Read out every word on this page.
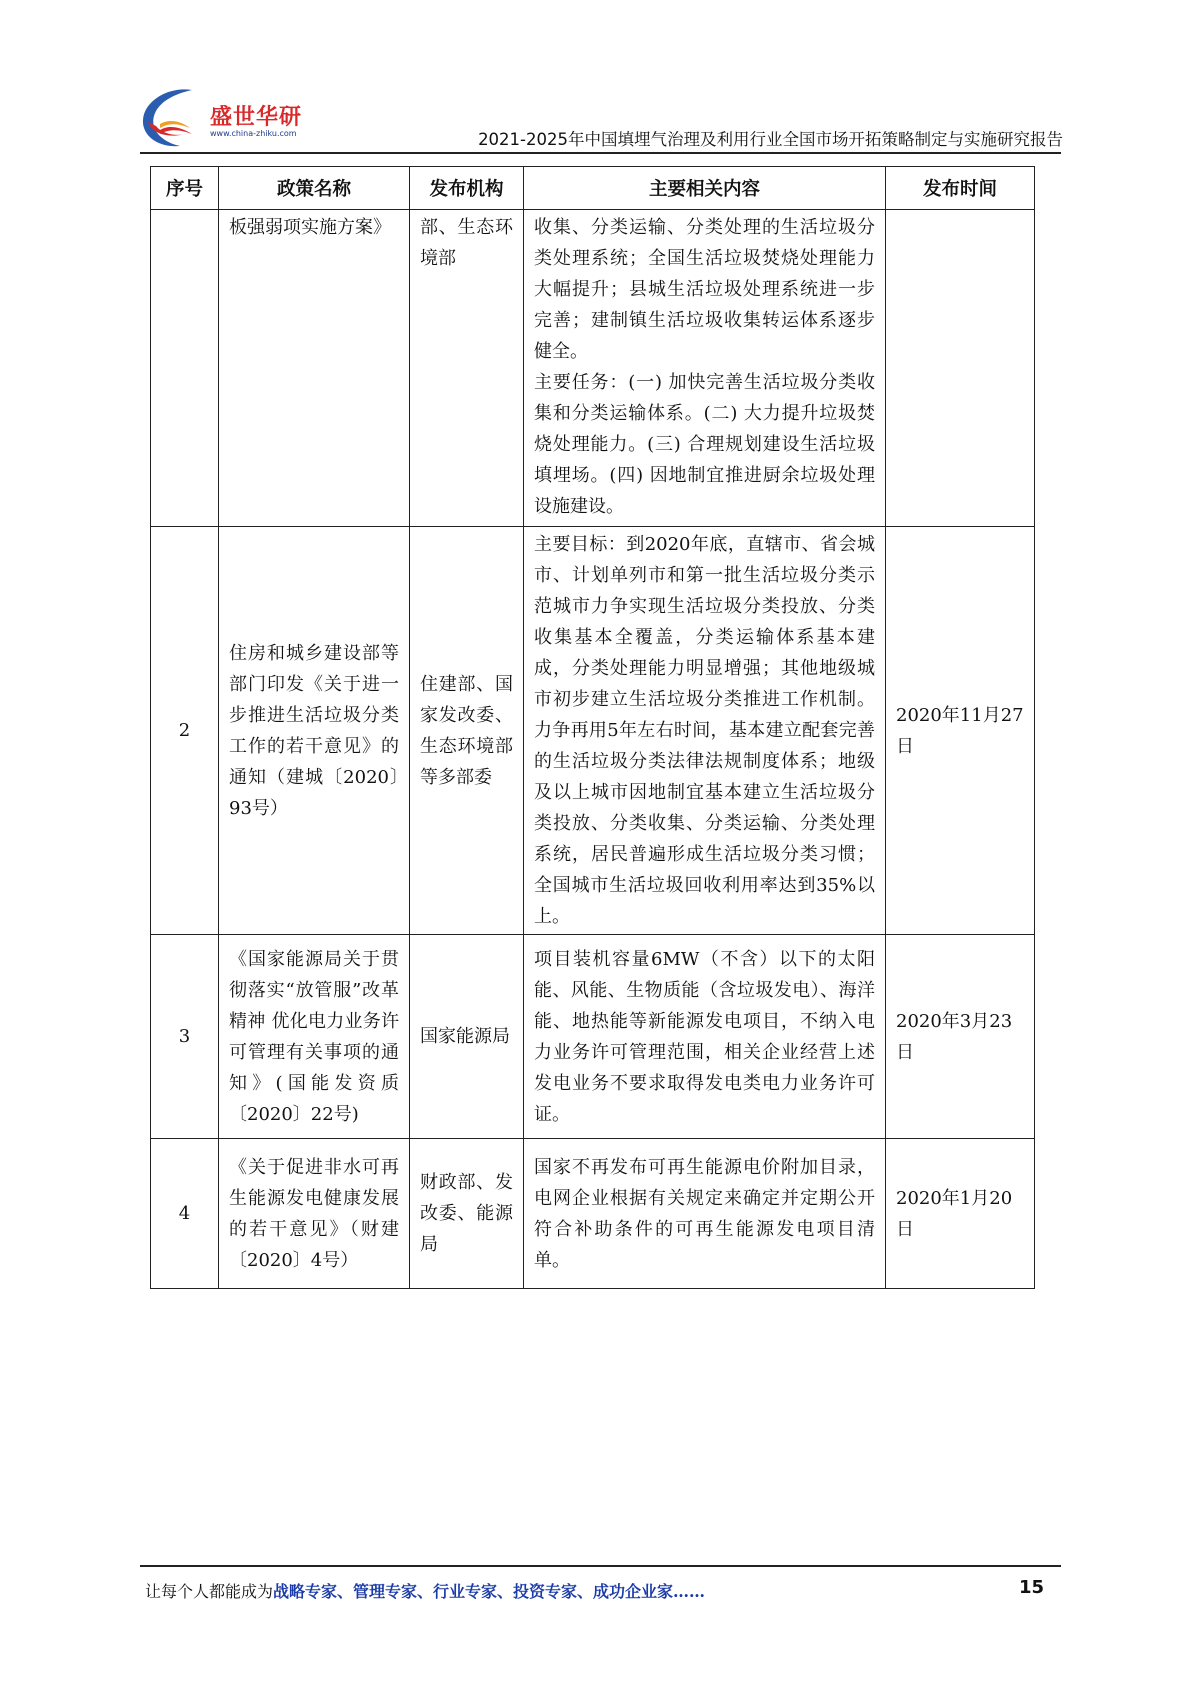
盛世华研
www.china-zhiku.com	2021-2025年中国填埋气治理及利用行业全国市场开拓策略制定与实施研究报告
序号	政策名称	发布机构	主要相关内容	发布时间
	板强弱项实施方案》	部、生态环境部	收集、分类运输、分类处理的生活垃圾分类处理系统；全国生活垃圾焚烧处理能力大幅提升；县城生活垃圾处理系统进一步完善；建制镇生活垃圾收集转运体系逐步健全。
主要任务：(一) 加快完善生活垃圾分类收集和分类运输体系。(二) 大力提升垃圾焚烧处理能力。(三) 合理规划建设生活垃圾填埋场。(四) 因地制宜推进厨余垃圾处理设施建设。	

2	住房和城乡建设部等部门印发《关于进一步推进生活垃圾分类工作的若干意见》的通知（建城〔2020〕93号）	住建部、国家发改委、生态环境部等多部委	主要目标：到2020年底，直辖市、省会城市、计划单列市和第一批生活垃圾分类示范城市力争实现生活垃圾分类投放、分类收集基本全覆盖，分类运输体系基本建成，分类处理能力明显增强；其他地级城市初步建立生活垃圾分类推进工作机制。力争再用5年左右时间，基本建立配套完善的生活垃圾分类法律法规制度体系；地级及以上城市因地制宜基本建立生活垃圾分类投放、分类收集、分类运输、分类处理系统，居民普遍形成生活垃圾分类习惯；全国城市生活垃圾回收利用率达到35%以上。	2020年11月27日
3	《国家能源局关于贯彻落实“放管服”改革精神 优化电力业务许可管理有关事项的通知》(国能发资质〔2020〕22号)	国家能源局	项目装机容量6MW（不含）以下的太阳能、风能、生物质能（含垃圾发电）、海洋能、地热能等新能源发电项目，不纳入电力业务许可管理范围，相关企业经营上述发电业务不要求取得发电类电力业务许可证。	2020年3月23日
4	《关于促进非水可再生能源发电健康发展的若干意见》（财建〔2020〕4号）	财政部、发改委、能源局	国家不再发布可再生能源电价附加目录，电网企业根据有关规定来确定并定期公开符合补助条件的可再生能源发电项目清单。	2020年1月20日
让每个人都能成为战略专家、管理专家、行业专家、投资专家、成功企业家……	15
